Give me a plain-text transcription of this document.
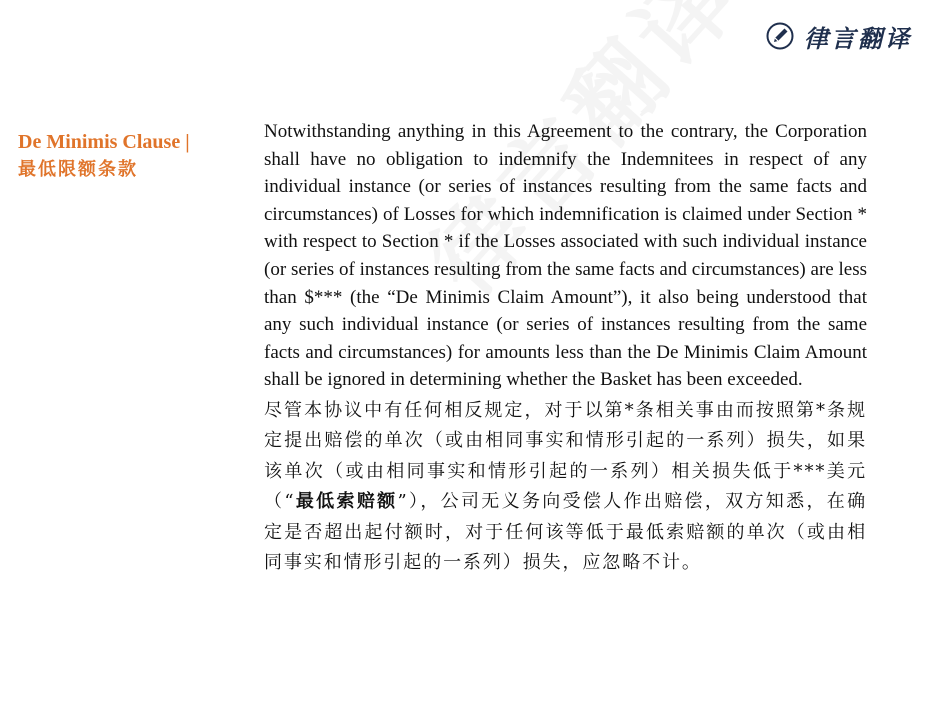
律言翻译
De Minimis Clause |
最低限额条款

Notwithstanding anything in this Agreement to the contrary, the Corporation shall have no obligation to indemnify the Indemnitees in respect of any individual instance (or series of instances resulting from the same facts and circumstances) of Losses for which indemnification is claimed under Section * with respect to Section * if the Losses associated with such individual instance (or series of instances resulting from the same facts and circumstances) are less than $*** (the “De Minimis Claim Amount”), it also being understood that any such individual instance (or series of instances resulting from the same facts and circumstances) for amounts less than the De Minimis Claim Amount shall be ignored in determining whether the Basket has been exceeded.

尽管本协议中有任何相反规定，对于以第*条相关事由而按照第*条规定提出赔偿的单次（或由相同事实和情形引起的一系列）损失，如果该单次（或由相同事实和情形引起的一系列）相关损失低于***美元（“最低索赔额”），公司无义务向受偿人作出赔偿，双方知悉，在确定是否超出起付额时，对于任何该等低于最低索赔额的单次（或由相同事实和情形引起的一系列）损失，应忽略不计。
